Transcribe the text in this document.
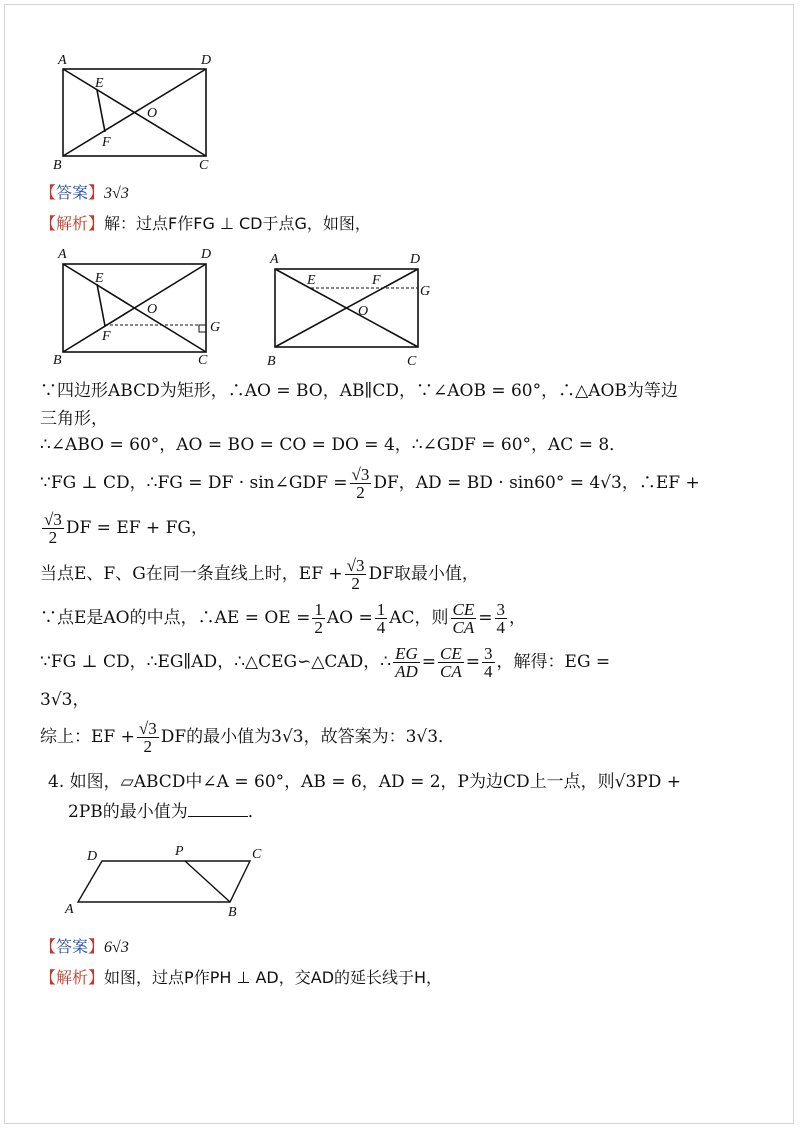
A	D
E
O
F
B	C
【答案】3√3
【解析】解：过点F作FG ⊥ CD于点G，如图，
A	D
E
O
F
G
B	C
A	D
E	F
G
O
B	C
∵四边形ABCD为矩形，∴AO = BO，AB∥CD，∵∠AOB = 60°，∴△AOB为等边
三角形，
∴∠ABO = 60°，AO = BO = CO = DO = 4，∴∠GDF = 60°，AC = 8．
∵FG ⊥ CD，∴FG = DF · sin∠GDF = $\frac{√3}{2}$ DF，AD = BD · sin60° = 4√3，∴EF +
$\frac{√3}{2}$ DF = EF + FG，
当点E、F、G在同一条直线上时，EF + $\frac{√3}{2}$ DF取最小值，
∵点E是AO的中点，∴AE = OE = $\frac{1}{2}$ AO = $\frac{1}{4}$ AC，则 $\frac{CE}{CA} = \frac{3}{4}$ ，
∵FG ⊥ CD，∴EG∥AD，∴△CEG∽△CAD，∴ $\frac{EG}{AD} = \frac{CE}{CA} = \frac{3}{4}$ ，解得：EG =
3√3，
综上：EF + $\frac{√3}{2}$ DF的最小值为3√3，故答案为：3√3．
4. 如图，▱ABCD中∠A = 60°，AB = 6，AD = 2，P为边CD上一点，则√3PD +
2PB的最小值为	．
D	P	C
A	B
【答案】6√3
【解析】如图，过点P作PH ⊥ AD，交AD的延长线于H，
